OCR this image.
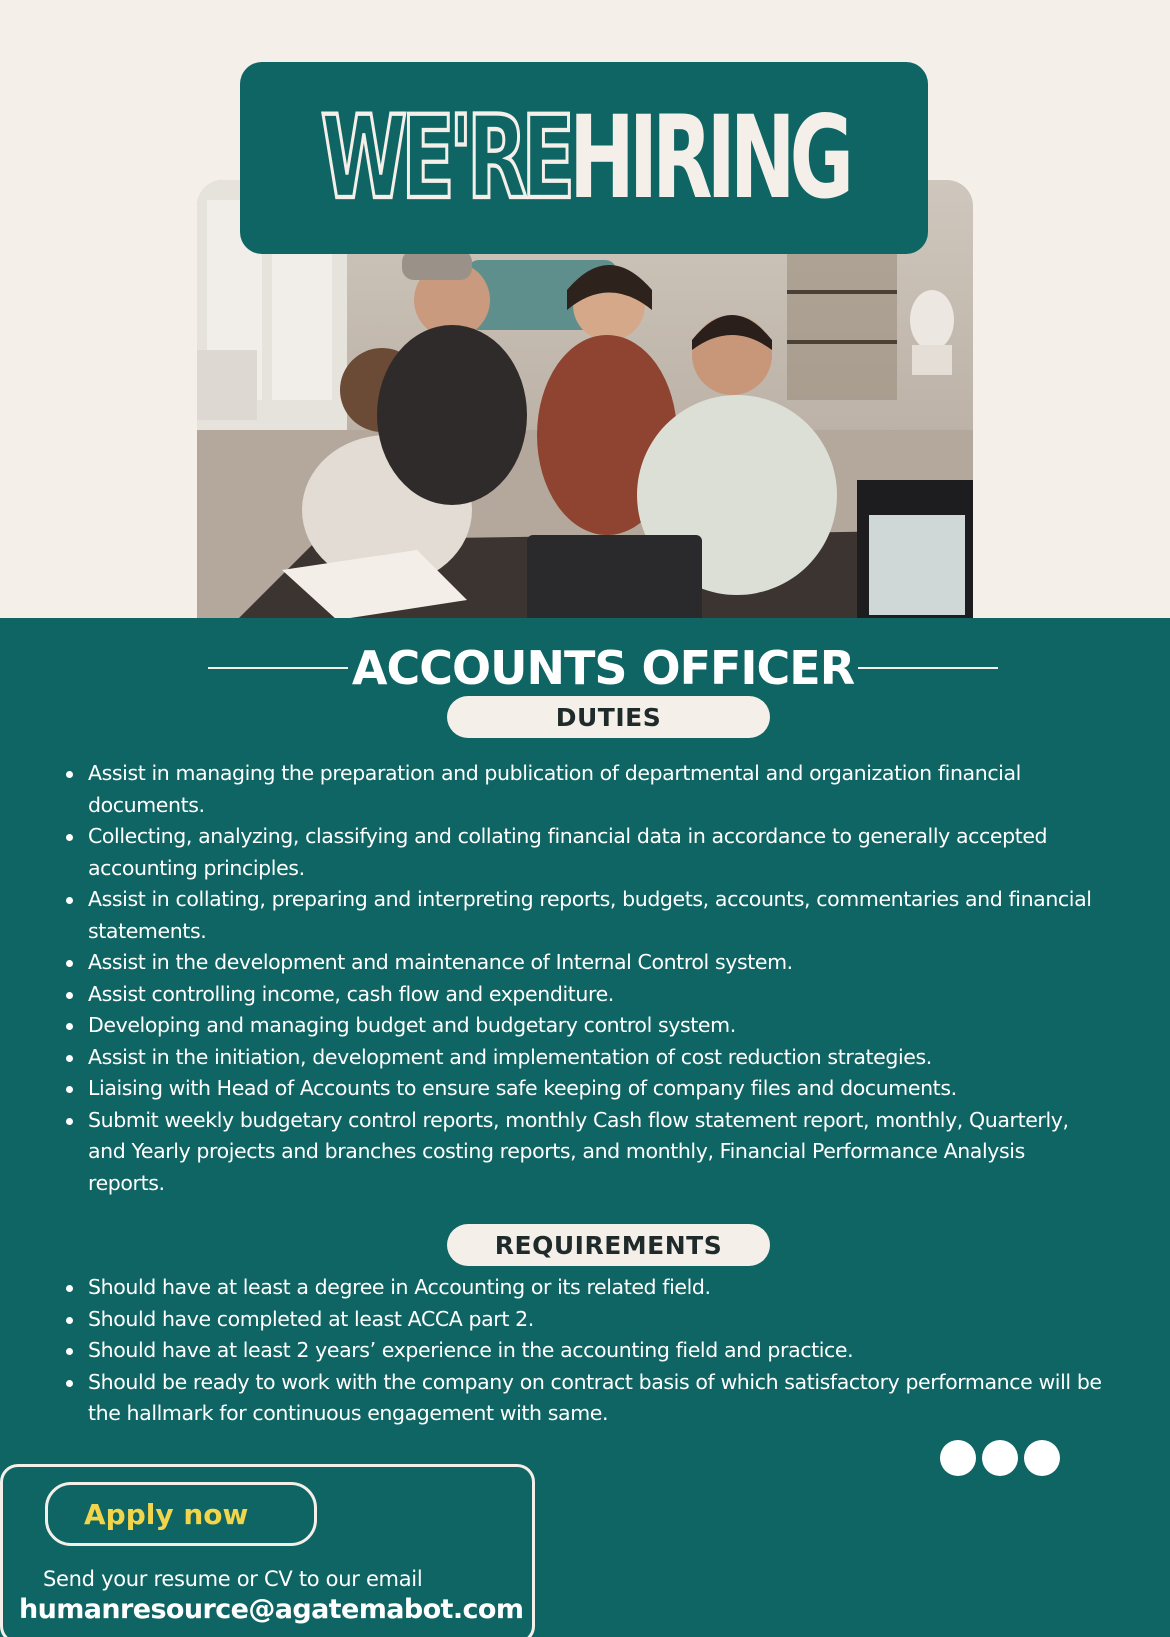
WE'REHIRING
ACCOUNTS OFFICER
DUTIES
Assist in managing the preparation and publication of departmental and organization financial documents.
Collecting, analyzing, classifying and collating financial data in accordance to generally accepted accounting principles.
Assist in collating, preparing and interpreting reports, budgets, accounts, commentaries and financial statements.
Assist in the development and maintenance of Internal Control system.
Assist controlling income, cash flow and expenditure.
Developing and managing budget and budgetary control system.
Assist in the initiation, development and implementation of cost reduction strategies.
Liaising with Head of Accounts to ensure safe keeping of company files and documents.
Submit weekly budgetary control reports, monthly Cash flow statement report, monthly, Quarterly, and Yearly projects and branches costing reports, and monthly, Financial Performance Analysis reports.
REQUIREMENTS
Should have at least a degree in Accounting or its related field.
Should have completed at least ACCA part 2.
Should have at least 2 years’ experience in the accounting field and practice.
Should be ready to work with the company on contract basis of which satisfactory performance will be the hallmark for continuous engagement with same.
Apply now
Send your resume or CV to our email
humanresource@agatemabot.com
